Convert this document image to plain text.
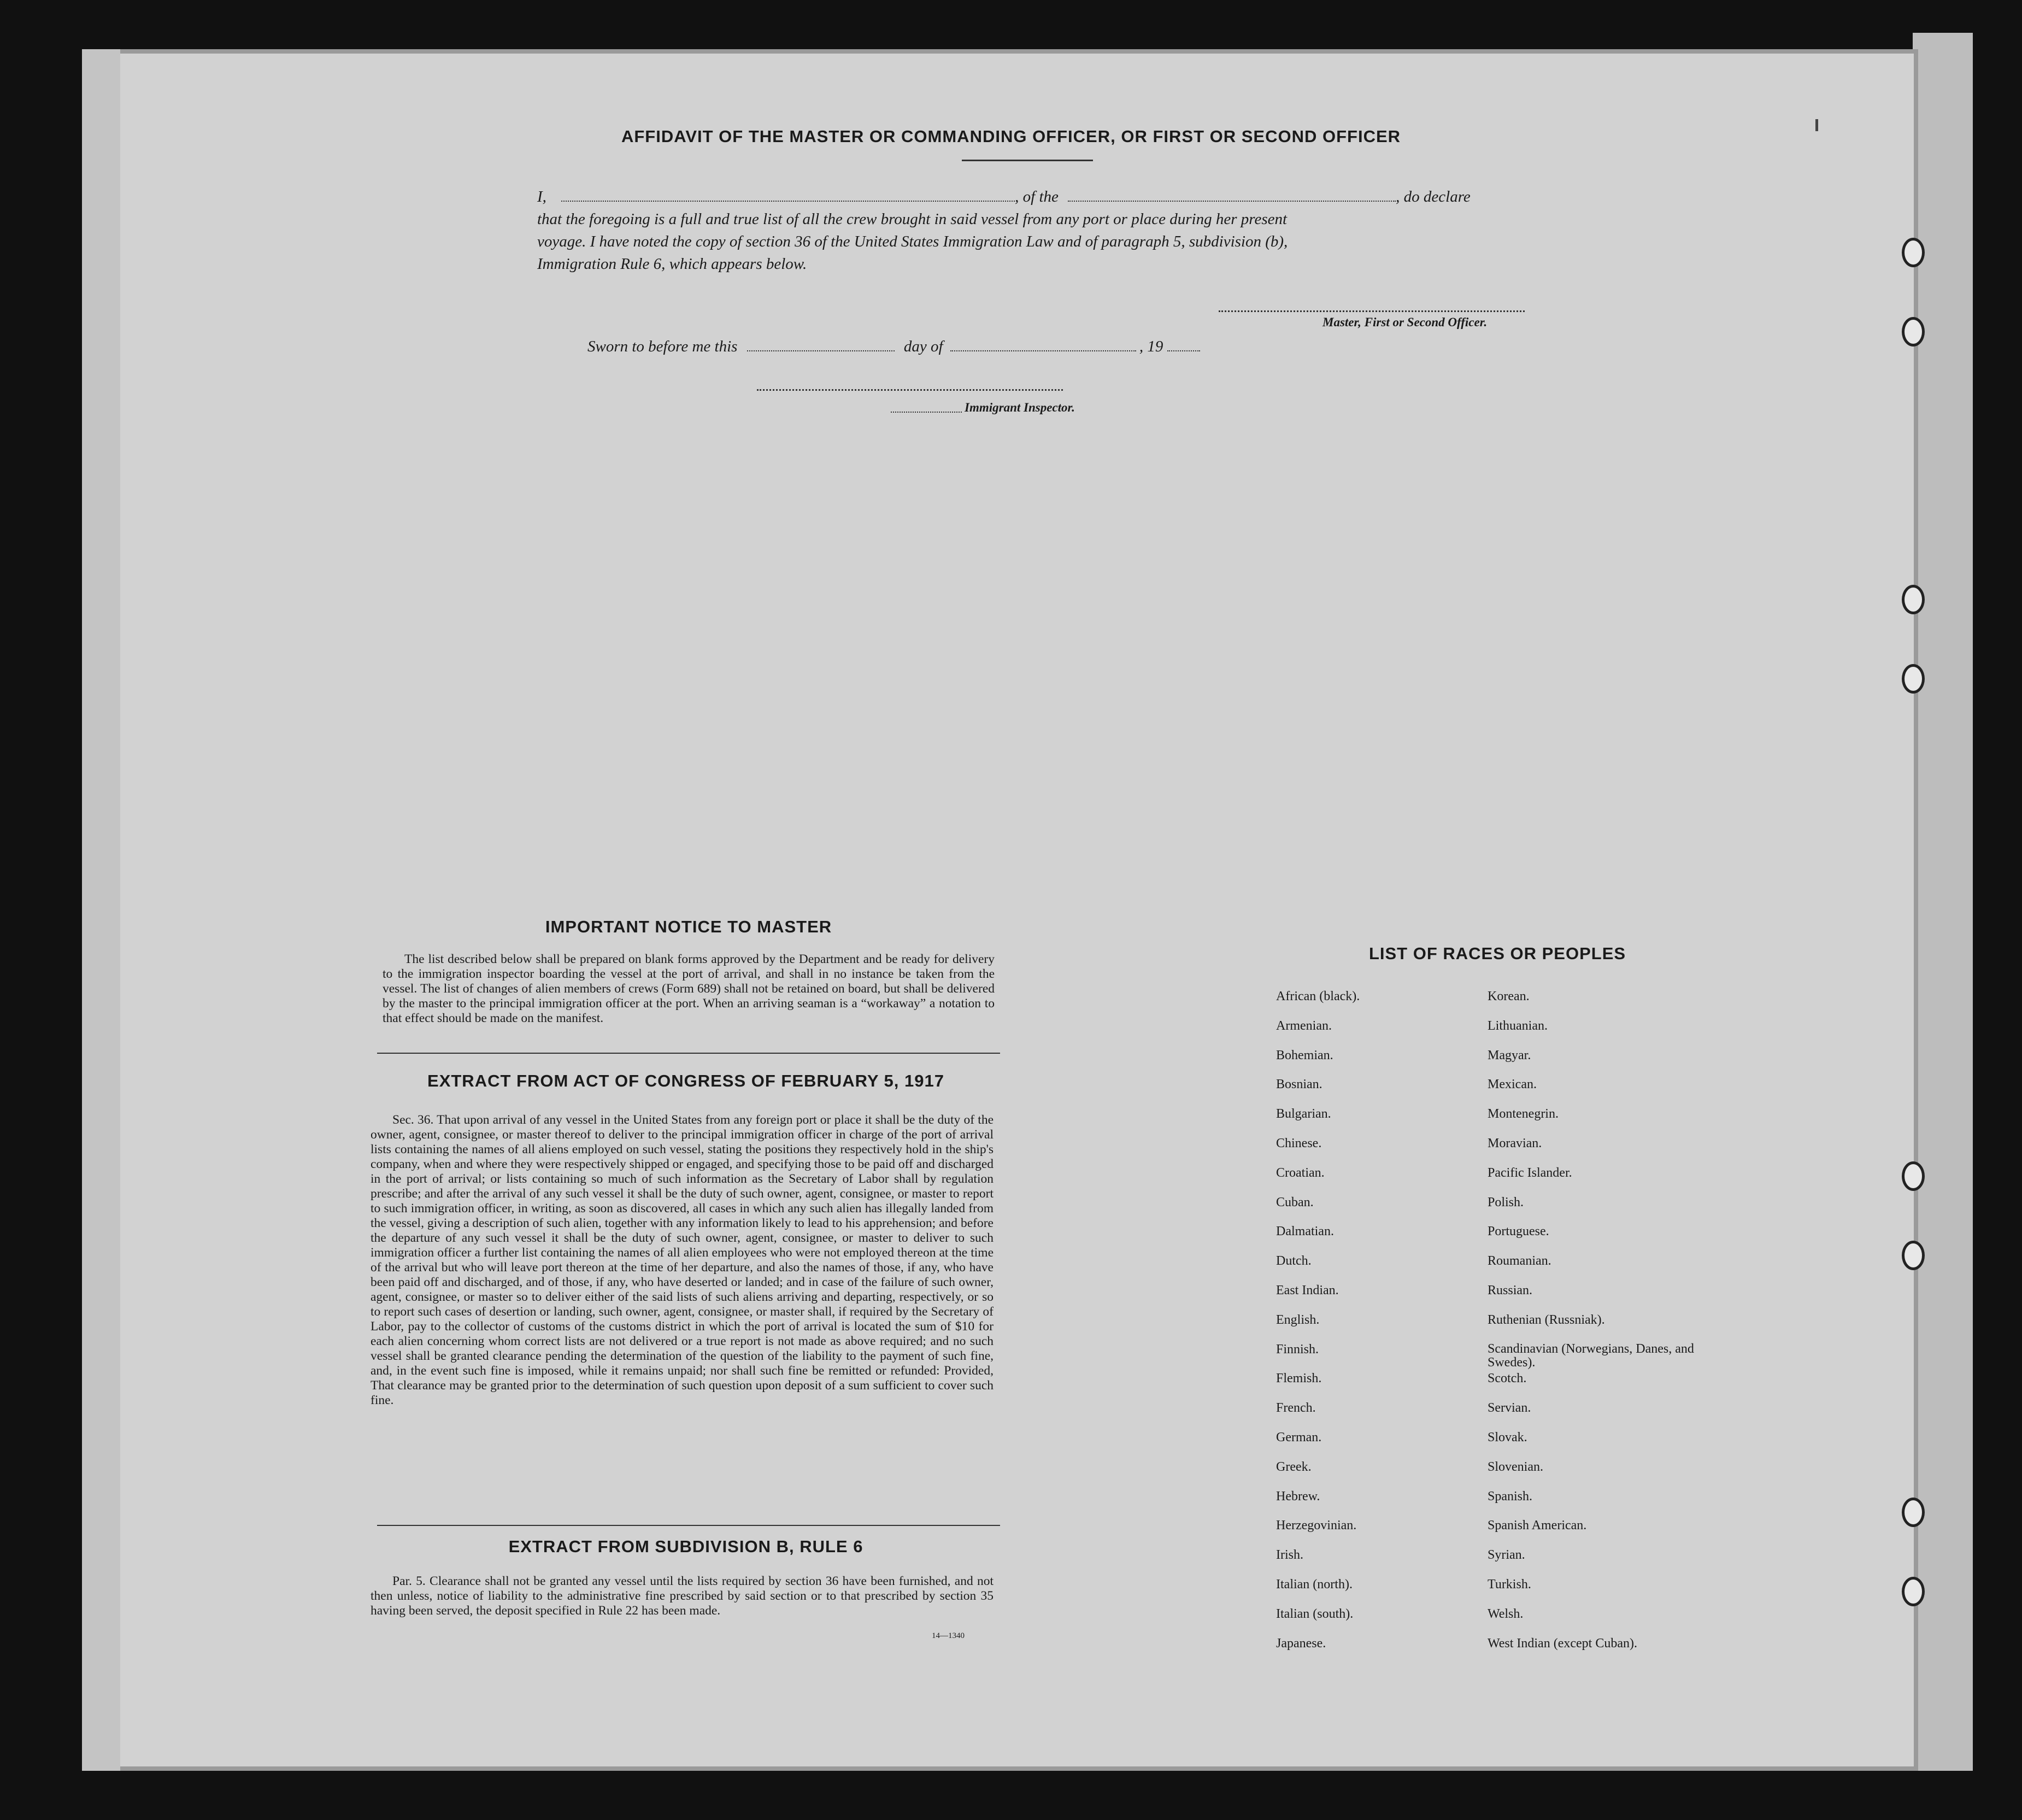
AFFIDAVIT OF THE MASTER OR COMMANDING OFFICER, OR FIRST OR SECOND OFFICER
I,	, of the	, do declare
that the foregoing is a full and true list of all the crew brought in said vessel from any port or place during her present
voyage. I have noted the copy of section 36 of the United States Immigration Law and of paragraph 5, subdivision (b),
Immigration Rule 6, which appears below.
Master, First or Second Officer.
Sworn to before me this	day of	, 19
Immigrant Inspector.
IMPORTANT NOTICE TO MASTER
The list described below shall be prepared on blank forms approved by the Department and be ready for delivery to the immigration inspector boarding the vessel at the port of arrival, and shall in no instance be taken from the vessel. The list of changes of alien members of crews (Form 689) shall not be retained on board, but shall be delivered by the master to the principal immigration officer at the port. When an arriving seaman is a “workaway” a notation to that effect should be made on the manifest.
EXTRACT FROM ACT OF CONGRESS OF FEBRUARY 5, 1917
Sec. 36. That upon arrival of any vessel in the United States from any foreign port or place it shall be the duty of the owner, agent, consignee, or master thereof to deliver to the principal immigration officer in charge of the port of arrival lists containing the names of all aliens employed on such vessel, stating the positions they respectively hold in the ship's company, when and where they were respectively shipped or engaged, and specifying those to be paid off and discharged in the port of arrival; or lists containing so much of such information as the Secretary of Labor shall by regulation prescribe; and after the arrival of any such vessel it shall be the duty of such owner, agent, consignee, or master to report to such immigration officer, in writing, as soon as discovered, all cases in which any such alien has illegally landed from the vessel, giving a description of such alien, together with any information likely to lead to his apprehension; and before the departure of any such vessel it shall be the duty of such owner, agent, consignee, or master to deliver to such immigration officer a further list containing the names of all alien employees who were not employed thereon at the time of the arrival but who will leave port thereon at the time of her departure, and also the names of those, if any, who have been paid off and discharged, and of those, if any, who have deserted or landed; and in case of the failure of such owner, agent, consignee, or master so to deliver either of the said lists of such aliens arriving and departing, respectively, or so to report such cases of desertion or landing, such owner, agent, consignee, or master shall, if required by the Secretary of Labor, pay to the collector of customs of the customs district in which the port of arrival is located the sum of $10 for each alien concerning whom correct lists are not delivered or a true report is not made as above required; and no such vessel shall be granted clearance pending the determination of the question of the liability to the payment of such fine, and, in the event such fine is imposed, while it remains unpaid; nor shall such fine be remitted or refunded: Provided, That clearance may be granted prior to the determination of such question upon deposit of a sum sufficient to cover such fine.
EXTRACT FROM SUBDIVISION B, RULE 6
Par. 5. Clearance shall not be granted any vessel until the lists required by section 36 have been furnished, and not then unless, notice of liability to the administrative fine prescribed by said section or to that prescribed by section 35 having been served, the deposit specified in Rule 22 has been made.
14—1340
LIST OF RACES OR PEOPLES
African (black).
Armenian.
Bohemian.
Bosnian.
Bulgarian.
Chinese.
Croatian.
Cuban.
Dalmatian.
Dutch.
East Indian.
English.
Finnish.
Flemish.
French.
German.
Greek.
Hebrew.
Herzegovinian.
Irish.
Italian (north).
Italian (south).
Japanese.
Korean.
Lithuanian.
Magyar.
Mexican.
Montenegrin.
Moravian.
Pacific Islander.
Polish.
Portuguese.
Roumanian.
Russian.
Ruthenian (Russniak).
Scandinavian (Norwegians, Danes, and Swedes).
Scotch.
Servian.
Slovak.
Slovenian.
Spanish.
Spanish American.
Syrian.
Turkish.
Welsh.
West Indian (except Cuban).
